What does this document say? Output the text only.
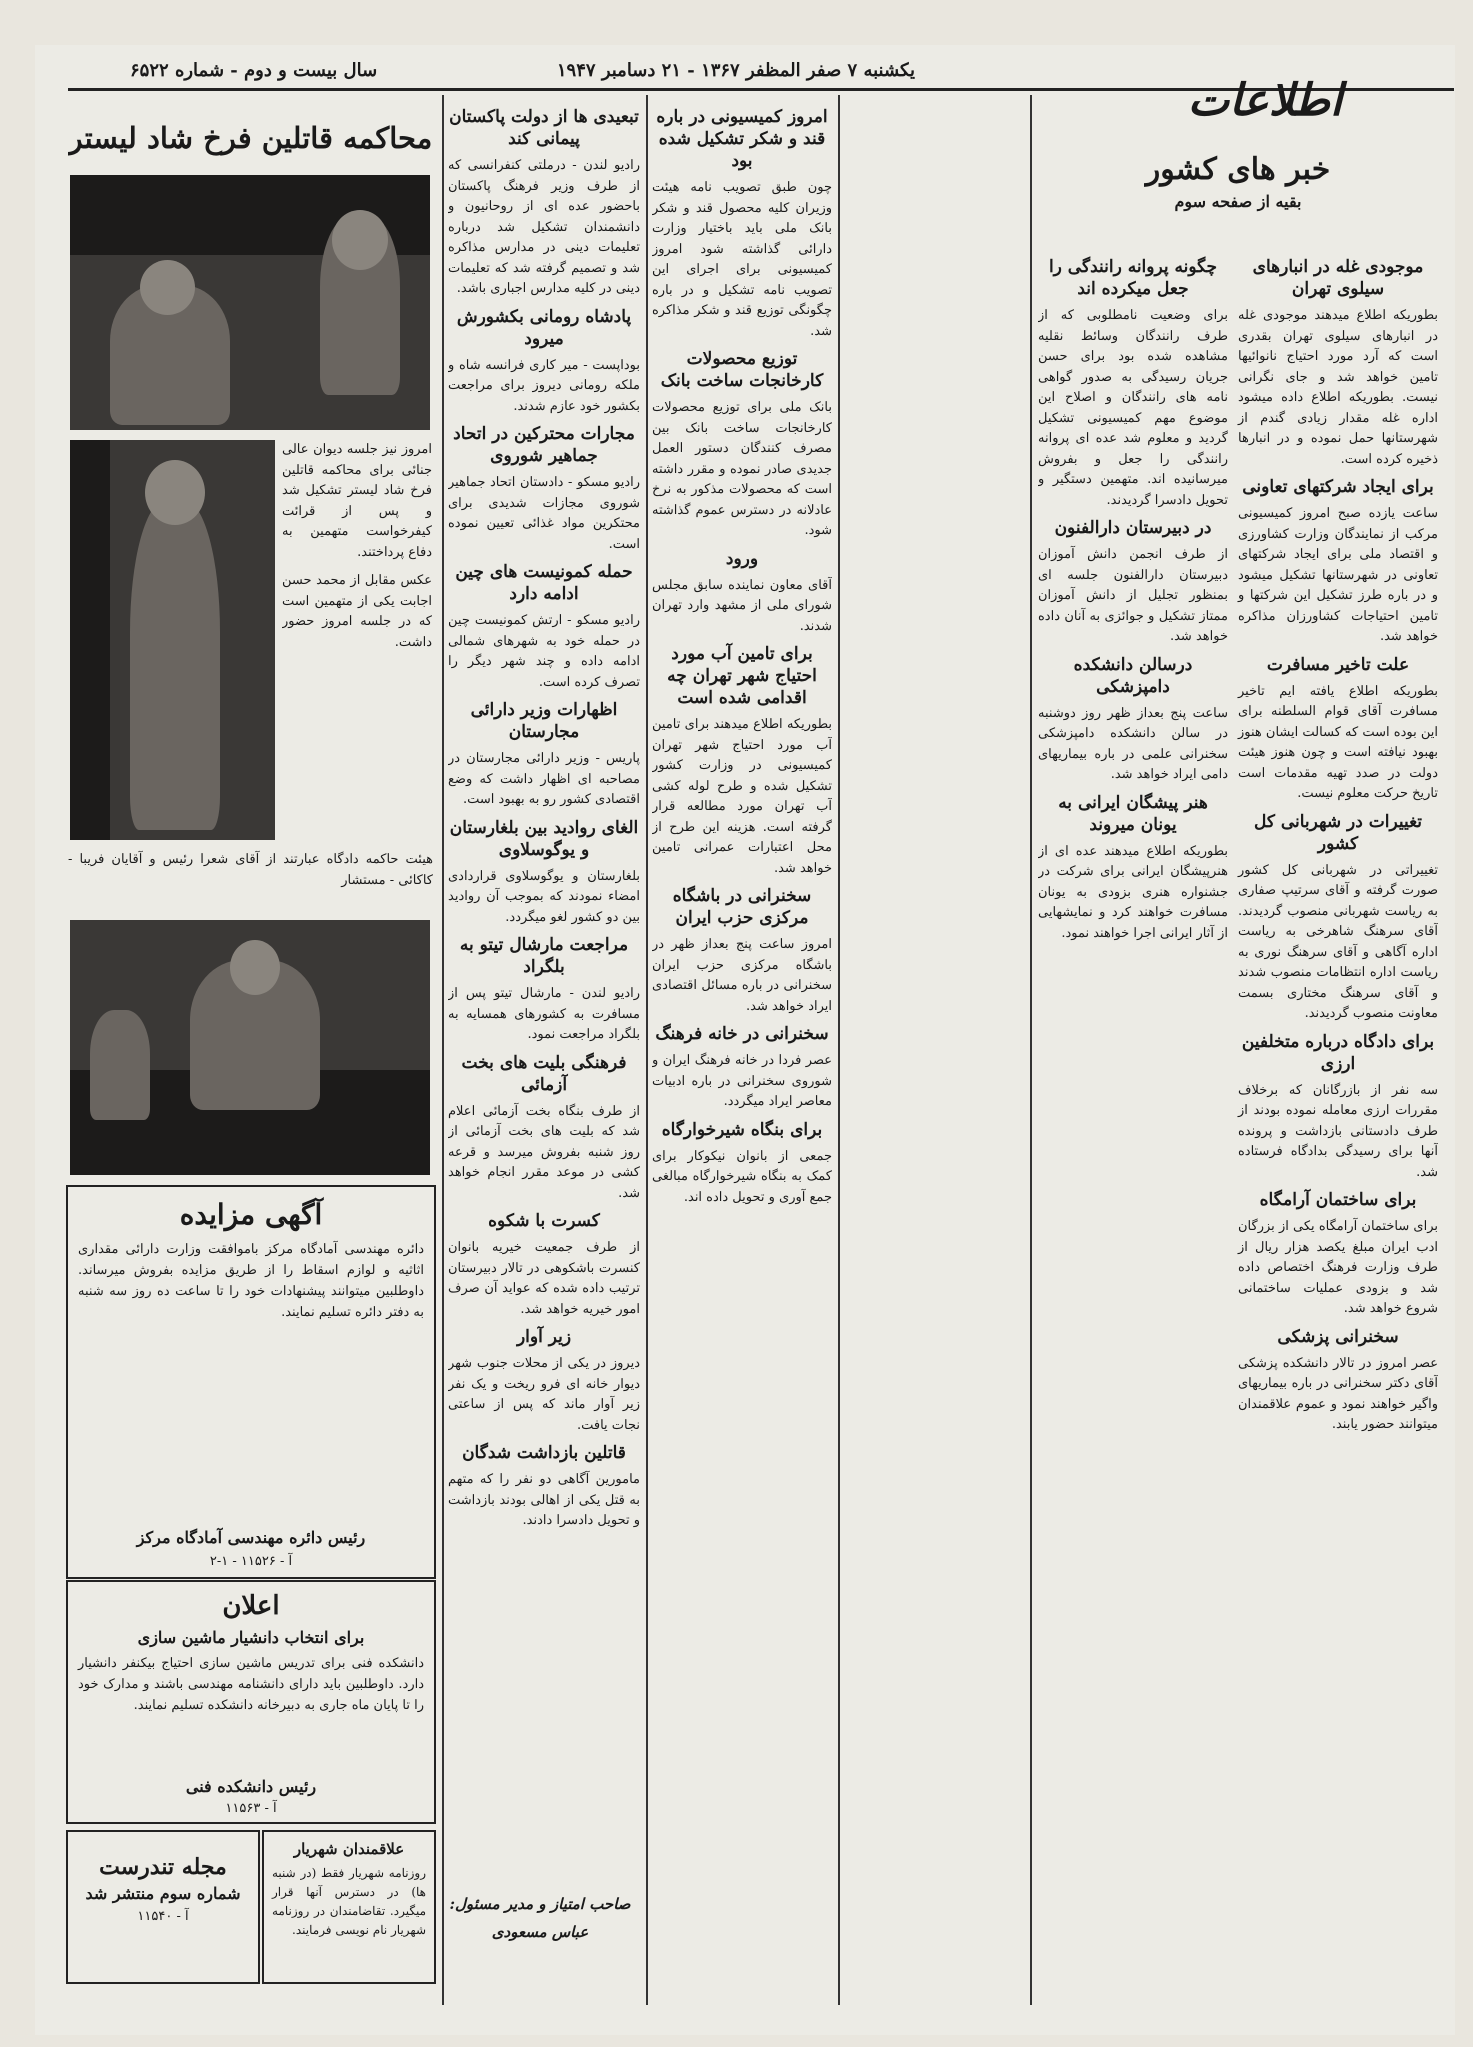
یکشنبه ۷ صفر المظفر ۱۳۶۷ - ۲۱ دسامبر ۱۹۴۷
سال بیست و دوم - شماره ۶۵۲۲
اطلاعات
خبر های کشور
بقیه از صفحه سوم
موجودی غله در انبارهای سیلوی تهران

بطوریکه اطلاع میدهند موجودی غله در انبارهای سیلوی تهران بقدری است که آرد مورد احتیاج نانوائیها تامین خواهد شد و جای نگرانی نیست. بطوریکه اطلاع داده میشود اداره غله مقدار زیادی گندم از شهرستانها حمل نموده و در انبارها ذخیره کرده است.

برای ایجاد شرکتهای تعاونی

ساعت یازده صبح امروز کمیسیونی مرکب از نمایندگان وزارت کشاورزی و اقتصاد ملی برای ایجاد شرکتهای تعاونی در شهرستانها تشکیل میشود و در باره طرز تشکیل این شرکتها و تامین احتیاجات کشاورزان مذاکره خواهد شد.

علت تاخیر مسافرت

بطوریکه اطلاع یافته ایم تاخیر مسافرت آقای قوام السلطنه برای این بوده است که کسالت ایشان هنوز بهبود نیافته است و چون هنوز هیئت دولت در صدد تهیه مقدمات است تاریخ حرکت معلوم نیست.

تغییرات در شهربانی کل کشور

تغییراتی در شهربانی کل کشور صورت گرفته و آقای سرتیپ صفاری به ریاست شهربانی منصوب گردیدند. آقای سرهنگ شاهرخی به ریاست اداره آگاهی و آقای سرهنگ نوری به ریاست اداره انتظامات منصوب شدند و آقای سرهنگ مختاری بسمت معاونت منصوب گردیدند.

برای دادگاه درباره متخلفین ارزی

سه نفر از بازرگانان که برخلاف مقررات ارزی معامله نموده بودند از طرف دادستانی بازداشت و پرونده آنها برای رسیدگی بدادگاه فرستاده شد.

برای ساختمان آرامگاه

برای ساختمان آرامگاه یکی از بزرگان ادب ایران مبلغ یکصد هزار ریال از طرف وزارت فرهنگ اختصاص داده شد و بزودی عملیات ساختمانی شروع خواهد شد.

سخنرانی پزشکی

عصر امروز در تالار دانشکده پزشکی آقای دکتر سخنرانی در باره بیماریهای واگیر خواهند نمود و عموم علاقمندان میتوانند حضور یابند.

چگونه پروانه رانندگی را جعل میکرده اند

برای وضعیت نامطلوبی که از طرف رانندگان وسائط نقلیه مشاهده شده بود برای حسن جریان رسیدگی به صدور گواهی نامه های رانندگان و اصلاح این موضوع مهم کمیسیونی تشکیل گردید و معلوم شد عده ای پروانه رانندگی را جعل و بفروش میرسانیده اند. متهمین دستگیر و تحویل دادسرا گردیدند.

در دبیرستان دارالفنون

از طرف انجمن دانش آموزان دبیرستان دارالفنون جلسه ای بمنظور تجلیل از دانش آموزان ممتاز تشکیل و جوائزی به آنان داده خواهد شد.

درسالن دانشکده دامپزشکی

ساعت پنج بعداز ظهر روز دوشنبه در سالن دانشکده دامپزشکی سخنرانی علمی در باره بیماریهای دامی ایراد خواهد شد.

هنر پیشگان ایرانی به یونان میروند

بطوریکه اطلاع میدهند عده ای از هنرپیشگان ایرانی برای شرکت در جشنواره هنری بزودی به یونان مسافرت خواهند کرد و نمایشهایی از آثار ایرانی اجرا خواهند نمود.

امروز کمیسیونی در باره قند و شکر تشکیل شده بود

چون طبق تصویب نامه هیئت وزیران کلیه محصول قند و شکر بانک ملی باید باختیار وزارت دارائی گذاشته شود امروز کمیسیونی برای اجرای این تصویب نامه تشکیل و در باره چگونگی توزیع قند و شکر مذاکره شد.

توزیع محصولات کارخانجات ساخت بانک

بانک ملی برای توزیع محصولات کارخانجات ساخت بانک بین مصرف کنندگان دستور العمل جدیدی صادر نموده و مقرر داشته است که محصولات مذکور به نرخ عادلانه در دسترس عموم گذاشته شود.

ورود

آقای معاون نماینده سابق مجلس شورای ملی از مشهد وارد تهران شدند.

برای تامین آب مورد احتیاج شهر تهران چه اقدامی شده است

بطوریکه اطلاع میدهند برای تامین آب مورد احتیاج شهر تهران کمیسیونی در وزارت کشور تشکیل شده و طرح لوله کشی آب تهران مورد مطالعه قرار گرفته است. هزینه این طرح از محل اعتبارات عمرانی تامین خواهد شد.

سخنرانی در باشگاه مرکزی حزب ایران

امروز ساعت پنج بعداز ظهر در باشگاه مرکزی حزب ایران سخنرانی در باره مسائل اقتصادی ایراد خواهد شد.

سخنرانی در خانه فرهنگ

عصر فردا در خانه فرهنگ ایران و شوروی سخنرانی در باره ادبیات معاصر ایراد میگردد.

برای بنگاه شیرخوارگاه

جمعی از بانوان نیکوکار برای کمک به بنگاه شیرخوارگاه مبالغی جمع آوری و تحویل داده اند.

تبعیدی ها از دولت پاکستان پیمانی کند

رادیو لندن - درملتی کنفرانسی که از طرف وزیر فرهنگ پاکستان باحضور عده ای از روحانیون و دانشمندان تشکیل شد درباره تعلیمات دینی در مدارس مذاکره شد و تصمیم گرفته شد که تعلیمات دینی در کلیه مدارس اجباری باشد.

پادشاه رومانی بکشورش میرود

بوداپست - میر کاری فرانسه شاه و ملکه رومانی دیروز برای مراجعت بکشور خود عازم شدند.

مجارات محترکین در اتحاد جماهیر شوروی

رادیو مسکو - دادستان اتحاد جماهیر شوروی مجازات شدیدی برای محتکرین مواد غذائی تعیین نموده است.

حمله کمونیست های چین ادامه دارد

رادیو مسکو - ارتش کمونیست چین در حمله خود به شهرهای شمالی ادامه داده و چند شهر دیگر را تصرف کرده است.

اظهارات وزیر دارائی مجارستان

پاریس - وزیر دارائی مجارستان در مصاحبه ای اظهار داشت که وضع اقتصادی کشور رو به بهبود است.

الغای روادید بین بلغارستان و یوگوسلاوی

بلغارستان و یوگوسلاوی قراردادی امضاء نمودند که بموجب آن روادید بین دو کشور لغو میگردد.

مراجعت مارشال تیتو به بلگراد

رادیو لندن - مارشال تیتو پس از مسافرت به کشورهای همسایه به بلگراد مراجعت نمود.

فرهنگی بلیت های بخت آزمائی

از طرف بنگاه بخت آزمائی اعلام شد که بلیت های بخت آزمائی از روز شنبه بفروش میرسد و قرعه کشی در موعد مقرر انجام خواهد شد.

کسرت با شکوه

از طرف جمعیت خیریه بانوان کنسرت باشکوهی در تالار دبیرستان ترتیب داده شده که عواید آن صرف امور خیریه خواهد شد.

زیر آوار

دیروز در یکی از محلات جنوب شهر دیوار خانه ای فرو ریخت و یک نفر زیر آوار ماند که پس از ساعتی نجات یافت.

قاتلین بازداشت شدگان

مامورین آگاهی دو نفر را که متهم به قتل یکی از اهالی بودند بازداشت و تحویل دادسرا دادند.

محاکمه قاتلین فرخ شاد لیستر

امروز نیز جلسه دیوان عالی جنائی برای محاکمه قاتلین فرخ شاد لیستر تشکیل شد و پس از قرائت کیفرخواست متهمین به دفاع پرداختند.

عکس مقابل از محمد حسن اجابت یکی از متهمین است که در جلسه امروز حضور داشت.

هیئت حاکمه دادگاه عبارتند از آقای شعرا رئیس و آقایان فریبا - کاکائی - مستشار

آگهی مزایده

دائره مهندسی آمادگاه مرکز باموافقت وزارت دارائی مقداری اثاثیه و لوازم اسقاط را از طریق مزایده بفروش میرساند. داوطلبین میتوانند پیشنهادات خود را تا ساعت ده روز سه شنبه به دفتر دائره تسلیم نمایند.

رئیس دائره مهندسی آمادگاه مرکز
آ - ۱۱۵۲۶ - ۱-۲
اعلان
برای انتخاب دانشیار ماشین سازی

دانشکده فنی برای تدریس ماشین سازی احتیاج بیکنفر دانشیار دارد. داوطلبین باید دارای دانشنامه مهندسی باشند و مدارک خود را تا پایان ماه جاری به دبیرخانه دانشکده تسلیم نمایند.

رئیس دانشکده فنی
آ - ۱۱۵۶۳
مجله تندرست
شماره سوم منتشر شد
آ - ۱۱۵۴۰
علاقمندان شهریار

روزنامه شهریار فقط (در شنبه ها) در دسترس آنها قرار میگیرد. تقاضامندان در روزنامه شهریار نام نویسی فرمایند.

صاحب امتیاز و مدیر مسئول: عباس مسعودی
